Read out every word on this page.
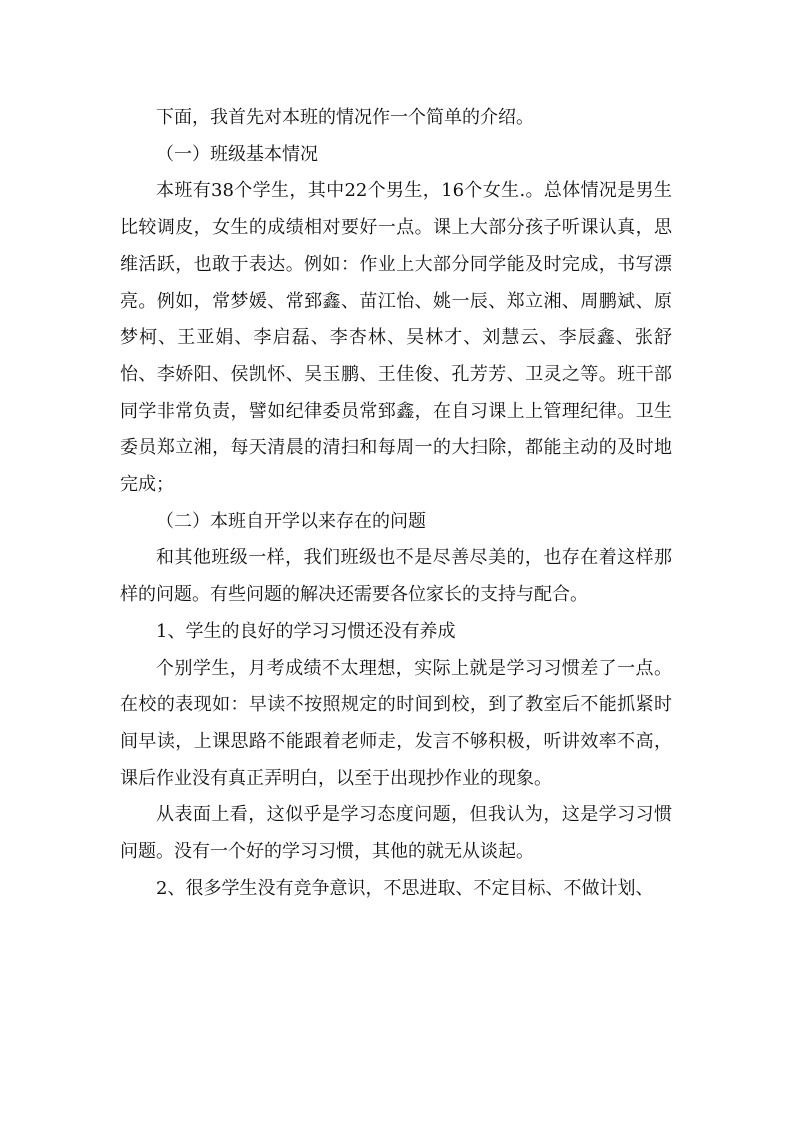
下面，我首先对本班的情况作一个简单的介绍。

（一）班级基本情况

本班有38个学生，其中22个男生，16个女生.。总体情况是男生比较调皮，女生的成绩相对要好一点。课上大部分孩子听课认真，思维活跃，也敢于表达。例如：作业上大部分同学能及时完成，书写漂亮。例如，常梦媛、常郅鑫、苗江怡、姚一辰、郑立湘、周鹏斌、原梦柯、王亚娟、李启磊、李杏林、吴林才、刘慧云、李辰鑫、张舒怡、李娇阳、侯凯怀、吴玉鹏、王佳俊、孔芳芳、卫灵之等。班干部同学非常负责，譬如纪律委员常郅鑫，在自习课上上管理纪律。卫生委员郑立湘，每天清晨的清扫和每周一的大扫除，都能主动的及时地完成；

（二）本班自开学以来存在的问题

和其他班级一样，我们班级也不是尽善尽美的，也存在着这样那样的问题。有些问题的解决还需要各位家长的支持与配合。

1、学生的良好的学习习惯还没有养成

个别学生，月考成绩不太理想，实际上就是学习习惯差了一点。在校的表现如：早读不按照规定的时间到校，到了教室后不能抓紧时间早读，上课思路不能跟着老师走，发言不够积极，听讲效率不高，课后作业没有真正弄明白，以至于出现抄作业的现象。

从表面上看，这似乎是学习态度问题，但我认为，这是学习习惯问题。没有一个好的学习习惯，其他的就无从谈起。

2、很多学生没有竞争意识，不思进取、不定目标、不做计划、
